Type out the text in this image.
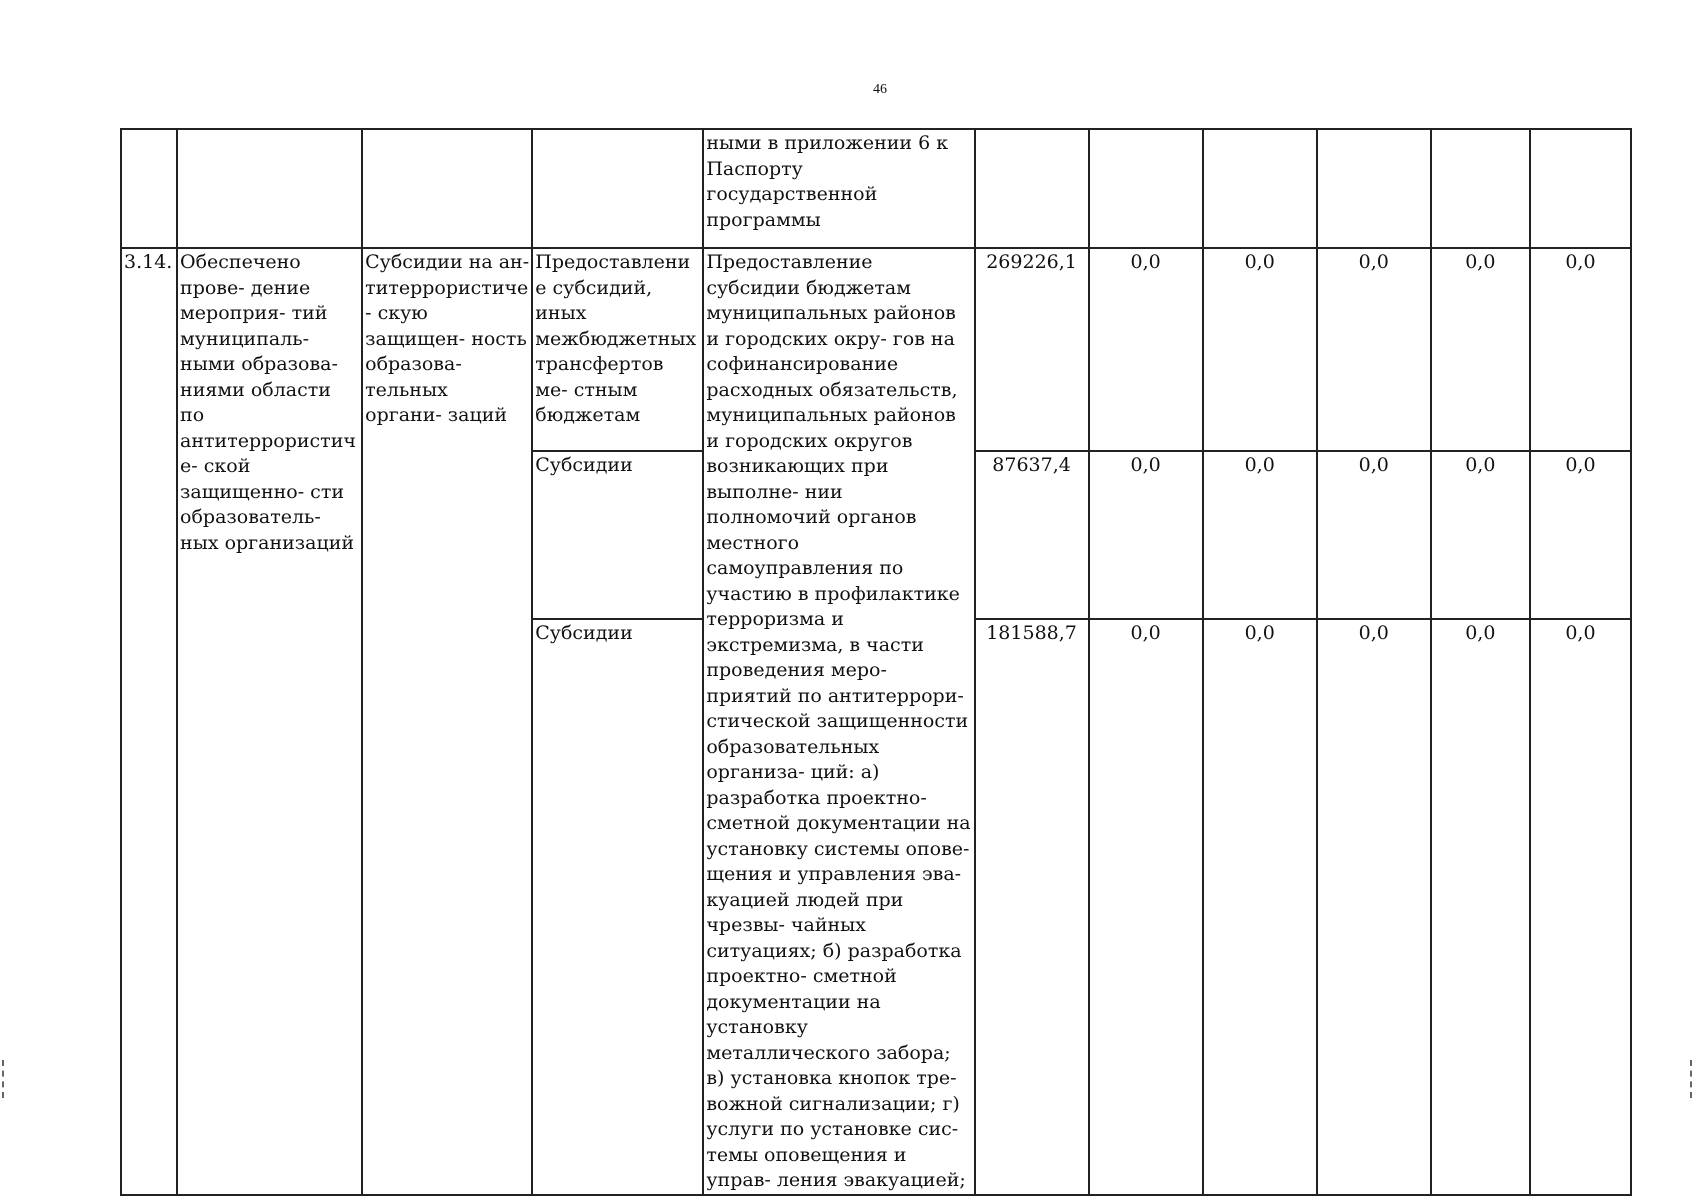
46
				ными в приложении 6 к Паспорту государственной программы						
3.14.	Обеспечено прове- дение мероприя- тий муниципаль- ными образова- ниями области по антитеррористиче- ской защищенно- сти образователь- ных организаций	Субсидии на ан- титеррористиче- скую защищен- ность образова- тельных органи- заций	Предоставление субсидий, иных межбюджетных трансфертов ме- стным бюджетам	Предоставление субсидии бюджетам муниципальных районов и городских окру- гов на софинансирование расходных обязательств, муниципальных районов и городских округов возникающих при выполне- нии полномочий органов местного самоуправления по участию в профилактике терроризма и экстремизма, в части проведения меро- приятий по антитеррори- стической защищенности образовательных организа- ций: а) разработка проектно- сметной документации на установку системы опове- щения и управления эва- куацией людей при чрезвы- чайных ситуациях; б) разработка проектно- сметной документации на установку металлического забора; в) установка кнопок тре- вожной сигнализации; г) услуги по установке сис- темы оповещения и управ- ления эвакуацией;	269226,1	0,0	0,0	0,0	0,0	0,0
			Субсидии		87637,4	0,0	0,0	0,0	0,0	0,0
			Субсидии		181588,7	0,0	0,0	0,0	0,0	0,0
